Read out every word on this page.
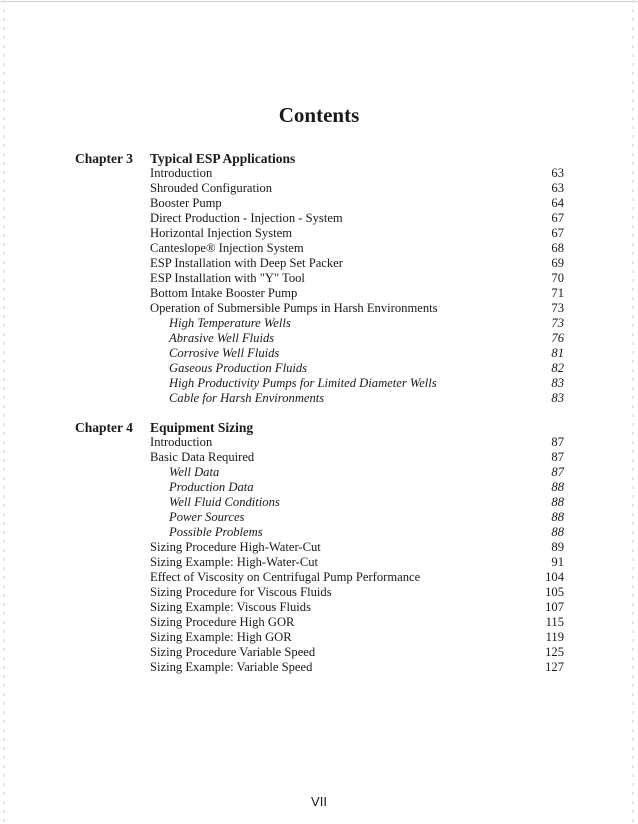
Contents
Chapter 3 Typical ESP Applications
Introduction	63
Shrouded Configuration	63
Booster Pump	64
Direct Production - Injection - System	67
Horizontal Injection System	67
Canteslope® Injection System	68
ESP Installation with Deep Set Packer	69
ESP Installation with "Y" Tool	70
Bottom Intake Booster Pump	71
Operation of Submersible Pumps in Harsh Environments	73
High Temperature Wells	73
Abrasive Well Fluids	76
Corrosive Well Fluids	81
Gaseous Production Fluids	82
High Productivity Pumps for Limited Diameter Wells	83
Cable for Harsh Environments	83
Chapter 4 Equipment Sizing
Introduction	87
Basic Data Required	87
Well Data	87
Production Data	88
Well Fluid Conditions	88
Power Sources	88
Possible Problems	88
Sizing Procedure High-Water-Cut	89
Sizing Example: High-Water-Cut	91
Effect of Viscosity on Centrifugal Pump Performance	104
Sizing Procedure for Viscous Fluids	105
Sizing Example: Viscous Fluids	107
Sizing Procedure High GOR	115
Sizing Example: High GOR	119
Sizing Procedure Variable Speed	125
Sizing Example: Variable Speed	127
VII
